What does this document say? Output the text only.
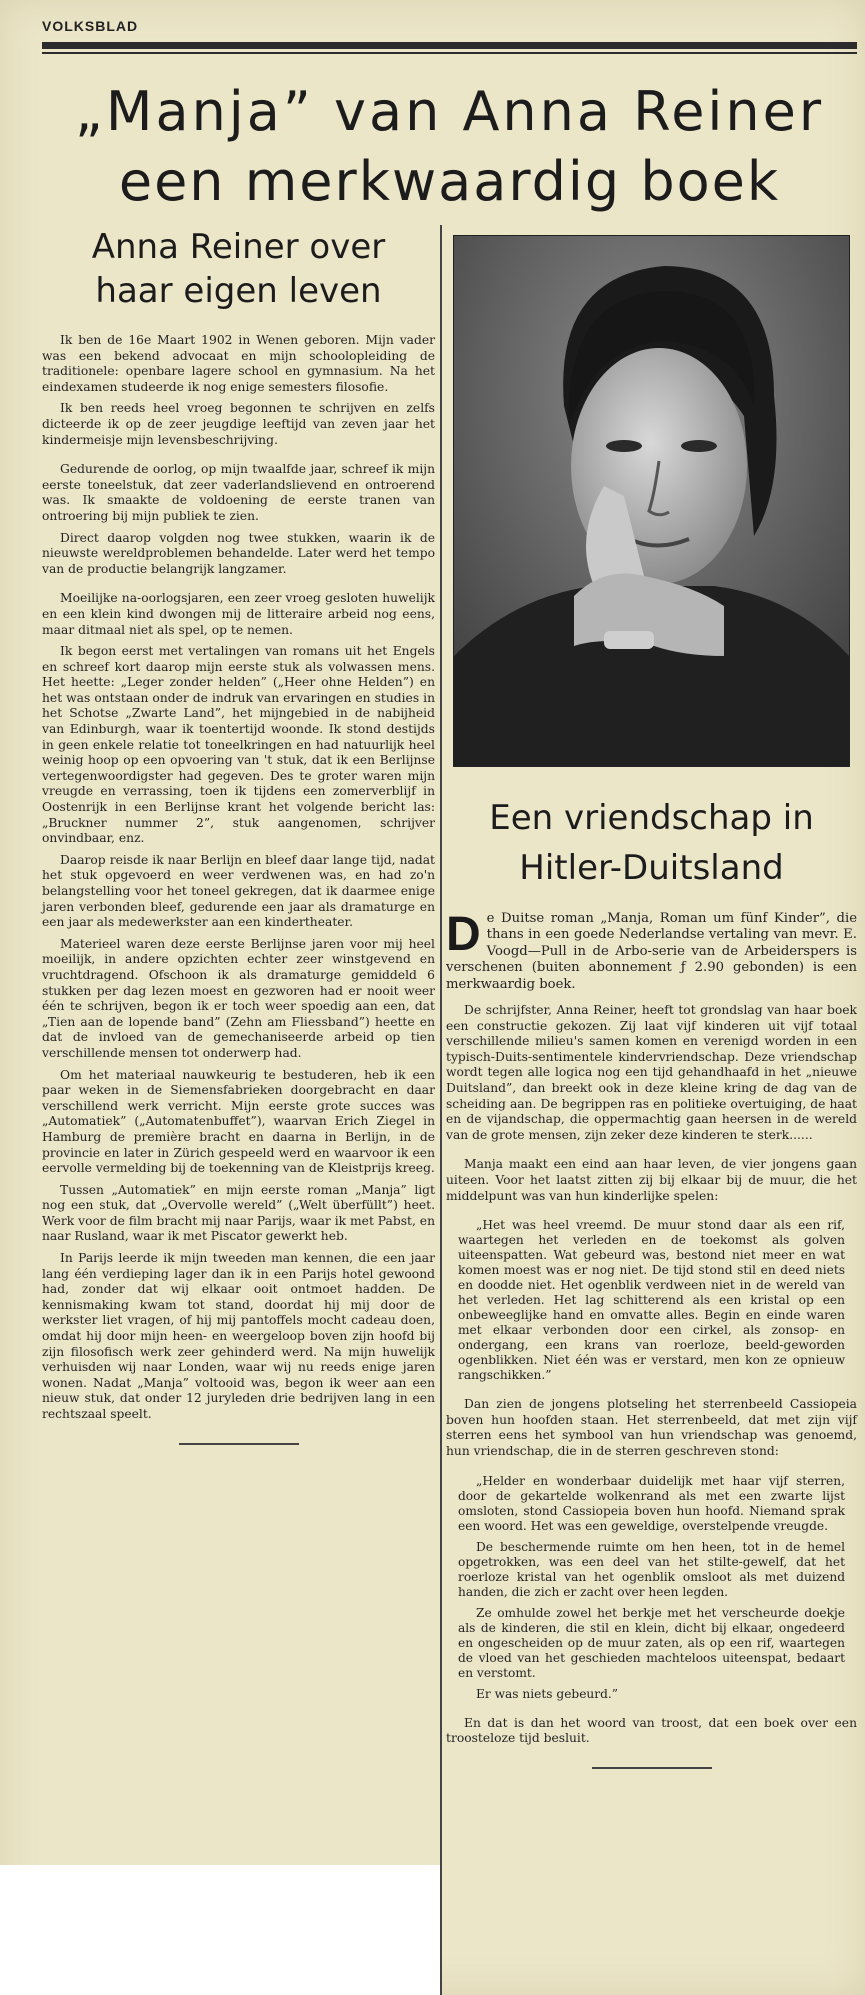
VOLKSBLAD
„Manja” van Anna Reiner
een merkwaardig boek
Anna Reiner over
haar eigen leven

Ik ben de 16e Maart 1902 in Wenen geboren. Mijn vader was een bekend advocaat en mijn schoolopleiding de traditionele: openbare lagere school en gymnasium. Na het eindexamen studeerde ik nog enige semesters filosofie.

Ik ben reeds heel vroeg begonnen te schrijven en zelfs dicteerde ik op de zeer jeugdige leeftijd van zeven jaar het kindermeisje mijn levensbeschrijving.

Gedurende de oorlog, op mijn twaalfde jaar, schreef ik mijn eerste toneelstuk, dat zeer vaderlandslievend en ontroerend was. Ik smaakte de voldoening de eerste tranen van ontroering bij mijn publiek te zien.

Direct daarop volgden nog twee stukken, waarin ik de nieuwste wereldproblemen behandelde. Later werd het tempo van de productie belangrijk langzamer.

Moeilijke na-oorlogsjaren, een zeer vroeg gesloten huwelijk en een klein kind dwongen mij de litteraire arbeid nog eens, maar ditmaal niet als spel, op te nemen.

Ik begon eerst met vertalingen van romans uit het Engels en schreef kort daarop mijn eerste stuk als volwassen mens. Het heette: „Leger zonder helden” („Heer ohne Helden”) en het was ontstaan onder de indruk van ervaringen en studies in het Schotse „Zwarte Land”, het mijngebied in de nabijheid van Edinburgh, waar ik toentertijd woonde. Ik stond destijds in geen enkele relatie tot toneelkringen en had natuurlijk heel weinig hoop op een opvoering van 't stuk, dat ik een Berlijnse vertegenwoordigster had gegeven. Des te groter waren mijn vreugde en verrassing, toen ik tijdens een zomerverblijf in Oostenrijk in een Berlijnse krant het volgende bericht las: „Bruckner nummer 2”, stuk aangenomen, schrijver onvindbaar, enz.

Daarop reisde ik naar Berlijn en bleef daar lange tijd, nadat het stuk opgevoerd en weer verdwenen was, en had zo'n belangstelling voor het toneel gekregen, dat ik daarmee enige jaren verbonden bleef, gedurende een jaar als dramaturge en een jaar als medewerkster aan een kindertheater.

Materieel waren deze eerste Berlijnse jaren voor mij heel moeilijk, in andere opzichten echter zeer winstgevend en vruchtdragend. Ofschoon ik als dramaturge gemiddeld 6 stukken per dag lezen moest en gezworen had er nooit weer één te schrijven, begon ik er toch weer spoedig aan een, dat „Tien aan de lopende band” (Zehn am Fliessband”) heette en dat de invloed van de gemechaniseerde arbeid op tien verschillende mensen tot onderwerp had.

Om het materiaal nauwkeurig te bestuderen, heb ik een paar weken in de Siemensfabrieken doorgebracht en daar verschillend werk verricht. Mijn eerste grote succes was „Automatiek” („Automatenbuffet”), waarvan Erich Ziegel in Hamburg de première bracht en daarna in Berlijn, in de provincie en later in Zürich gespeeld werd en waarvoor ik een eervolle vermelding bij de toekenning van de Kleistprijs kreeg.

Tussen „Automatiek” en mijn eerste roman „Manja” ligt nog een stuk, dat „Overvolle wereld” („Welt überfüllt”) heet. Werk voor de film bracht mij naar Parijs, waar ik met Pabst, en naar Rusland, waar ik met Piscator gewerkt heb.

In Parijs leerde ik mijn tweeden man kennen, die een jaar lang één verdieping lager dan ik in een Parijs hotel gewoond had, zonder dat wij elkaar ooit ontmoet hadden. De kennismaking kwam tot stand, doordat hij mij door de werkster liet vragen, of hij mij pantoffels mocht cadeau doen, omdat hij door mijn heen- en weergeloop boven zijn hoofd bij zijn filosofisch werk zeer gehinderd werd. Na mijn huwelijk verhuisden wij naar Londen, waar wij nu reeds enige jaren wonen. Nadat „Manja” voltooid was, begon ik weer aan een nieuw stuk, dat onder 12 juryleden drie bedrijven lang in een rechtszaal speelt.

Een vriendschap in
Hitler-Duitsland

De Duitse roman „Manja, Roman um fünf Kinder”, die thans in een goede Nederlandse vertaling van mevr. E. Voogd—Pull in de Arbo-serie van de Arbeiderspers is verschenen (buiten abonnement ƒ 2.90 gebonden) is een merkwaardig boek.

De schrijfster, Anna Reiner, heeft tot grondslag van haar boek een constructie gekozen. Zij laat vijf kinderen uit vijf totaal verschillende milieu's samen komen en verenigd worden in een typisch-Duits-sentimentele kindervriendschap. Deze vriendschap wordt tegen alle logica nog een tijd gehandhaafd in het „nieuwe Duitsland”, dan breekt ook in deze kleine kring de dag van de scheiding aan. De begrippen ras en politieke overtuiging, de haat en de vijandschap, die oppermachtig gaan heersen in de wereld van de grote mensen, zijn zeker deze kinderen te sterk......

Manja maakt een eind aan haar leven, de vier jongens gaan uiteen. Voor het laatst zitten zij bij elkaar bij de muur, die het middelpunt was van hun kinderlijke spelen:

„Het was heel vreemd. De muur stond daar als een rif, waartegen het verleden en de toekomst als golven uiteenspatten. Wat gebeurd was, bestond niet meer en wat komen moest was er nog niet. De tijd stond stil en deed niets en doodde niet. Het ogenblik verdween niet in de wereld van het verleden. Het lag schitterend als een kristal op een onbeweeglijke hand en omvatte alles. Begin en einde waren met elkaar verbonden door een cirkel, als zonsop- en ondergang, een krans van roerloze, beeld-geworden ogenblikken. Niet één was er verstard, men kon ze opnieuw rangschikken.”

Dan zien de jongens plotseling het sterrenbeeld Cassiopeia boven hun hoofden staan. Het sterrenbeeld, dat met zijn vijf sterren eens het symbool van hun vriendschap was genoemd, hun vriendschap, die in de sterren geschreven stond:

„Helder en wonderbaar duidelijk met haar vijf sterren, door de gekartelde wolkenrand als met een zwarte lijst omsloten, stond Cassiopeia boven hun hoofd. Niemand sprak een woord. Het was een geweldige, overstelpende vreugde.

De beschermende ruimte om hen heen, tot in de hemel opgetrokken, was een deel van het stilte-gewelf, dat het roerloze kristal van het ogenblik omsloot als met duizend handen, die zich er zacht over heen legden.

Ze omhulde zowel het berkje met het verscheurde doekje als de kinderen, die stil en klein, dicht bij elkaar, ongedeerd en ongescheiden op de muur zaten, als op een rif, waartegen de vloed van het geschieden machteloos uiteenspat, bedaart en verstomt.

Er was niets gebeurd.”

En dat is dan het woord van troost, dat een boek over een troosteloze tijd besluit.
